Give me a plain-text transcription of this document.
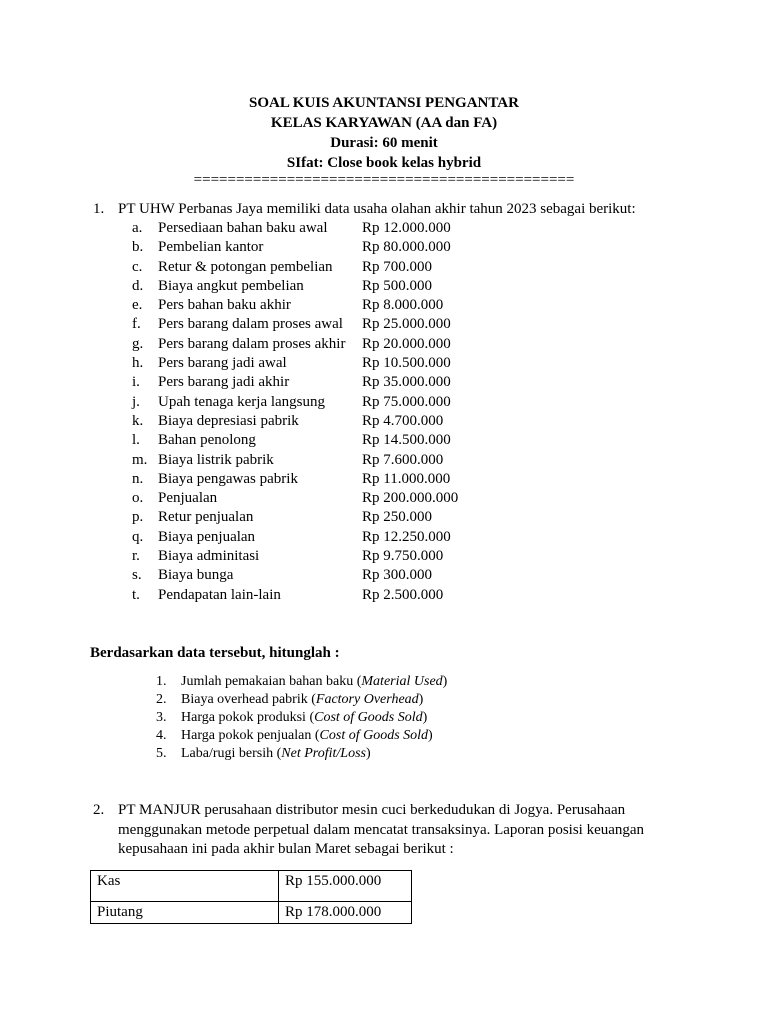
SOAL KUIS AKUNTANSI PENGANTAR
KELAS KARYAWAN (AA dan FA)
Durasi: 60 menit
SIfat: Close book kelas hybrid
=============================================
1. PT UHW Perbanas Jaya memiliki data usaha olahan akhir tahun 2023 sebagai berikut:
a. Persediaan bahan baku awal Rp 12.000.000
b. Pembelian kantor	Rp 80.000.000
c. Retur & potongan pembelian Rp 700.000
d. Biaya angkut pembelian	Rp 500.000
e. Pers bahan baku akhir	Rp 8.000.000
f. Pers barang dalam proses awal Rp 25.000.000
g. Pers barang dalam proses akhir Rp 20.000.000
h. Pers barang jadi awal	Rp 10.500.000
i. Pers barang jadi akhir	Rp 35.000.000
j. Upah tenaga kerja langsung Rp 75.000.000
k. Biaya depresiasi pabrik	Rp 4.700.000
l. Bahan penolong	Rp 14.500.000
m. Biaya listrik pabrik	Rp 7.600.000
n. Biaya pengawas pabrik	Rp 11.000.000
o. Penjualan	Rp 200.000.000
p. Retur penjualan	Rp 250.000
q. Biaya penjualan	Rp 12.250.000
r. Biaya adminitasi	Rp 9.750.000
s. Biaya bunga	Rp 300.000
t. Pendapatan lain-lain	Rp 2.500.000
Berdasarkan data tersebut, hitunglah :
1. Jumlah pemakaian bahan baku (Material Used)
2. Biaya overhead pabrik (Factory Overhead)
3. Harga pokok produksi (Cost of Goods Sold)
4. Harga pokok penjualan (Cost of Goods Sold)
5. Laba/rugi bersih (Net Profit/Loss)
2. PT MANJUR perusahaan distributor mesin cuci berkedudukan di Jogya. Perusahaan menggunakan metode perpetual dalam mencatat transaksinya. Laporan posisi keuangan kepusahaan ini pada akhir bulan Maret sebagai berikut :
Kas	Rp 155.000.000
Piutang	Rp 178.000.000
